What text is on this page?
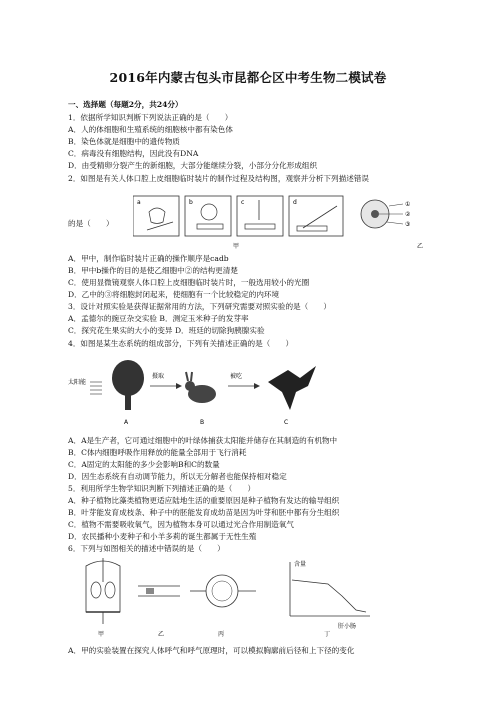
2016年内蒙古包头市昆都仑区中考生物二模试卷
一、选择题（每题2分，共24分）
1．依据所学知识判断下列说法正确的是（　　）
A．人的体细胞和生殖系统的细胞核中都有染色体
B．染色体就是细胞中的遗传物质
C．病毒没有细胞结构，因此没有DNA
D．由受精卵分裂产生的新细胞，大部分能继续分裂，小部分分化形成组织
2．如图是有关人体口腔上皮细胞临时装片的制作过程及结构图，观察并分析下列描述错误
的是（　　）
a	b	c	d
甲
①
②
③
乙
A．甲中，制作临时装片正确的操作顺序是cadb
B．甲中b操作的目的是使乙细胞中②的结构更清楚
C．使用显微镜观察人体口腔上皮细胞临时装片时，一般选用较小的光圈
D．乙中的③将细胞封闭起来，使细胞有一个比较稳定的内环境
3．设计对照实验是获得证据常用的方法，下列研究需要对照实验的是（　　）
A．孟德尔的豌豆杂交实验 B．测定玉米种子的发芽率
C．探究花生果实的大小的变异 D．班廷的切除狗胰腺实验
4．如图是某生态系统的组成部分，下列有关描述正确的是（　　）
太阳能
A
摄取
B
被吃
C
A．A是生产者，它可通过细胞中的叶绿体捕获太阳能并储存在其制造的有机物中
B．C体内细胞呼吸作用释放的能量全部用于飞行消耗
C．A固定的太阳能的多少会影响B和C的数量
D．因生态系统有自动调节能力，所以无分解者也能保持相对稳定
5．利用所学生物学知识判断下列描述正确的是（　　）
A．种子植物比藻类植物更适应陆地生活的重要原因是种子植物有发达的输导组织
B．叶芽能发育成枝条、种子中的胚能发育成幼苗是因为叶芽和胚中都有分生组织
C．植物不需要吸收氧气，因为植物本身可以通过光合作用制造氧气
D．农民播种小麦种子和小羊多莉的诞生都属于无性生殖
6．下列与如图相关的描述中错误的是（　　）
甲	乙	丙
含量
肝小肠
丁
A．甲的实验装置在探究人体呼气和呼气原理时，可以模拟胸廓前后径和上下径的变化
